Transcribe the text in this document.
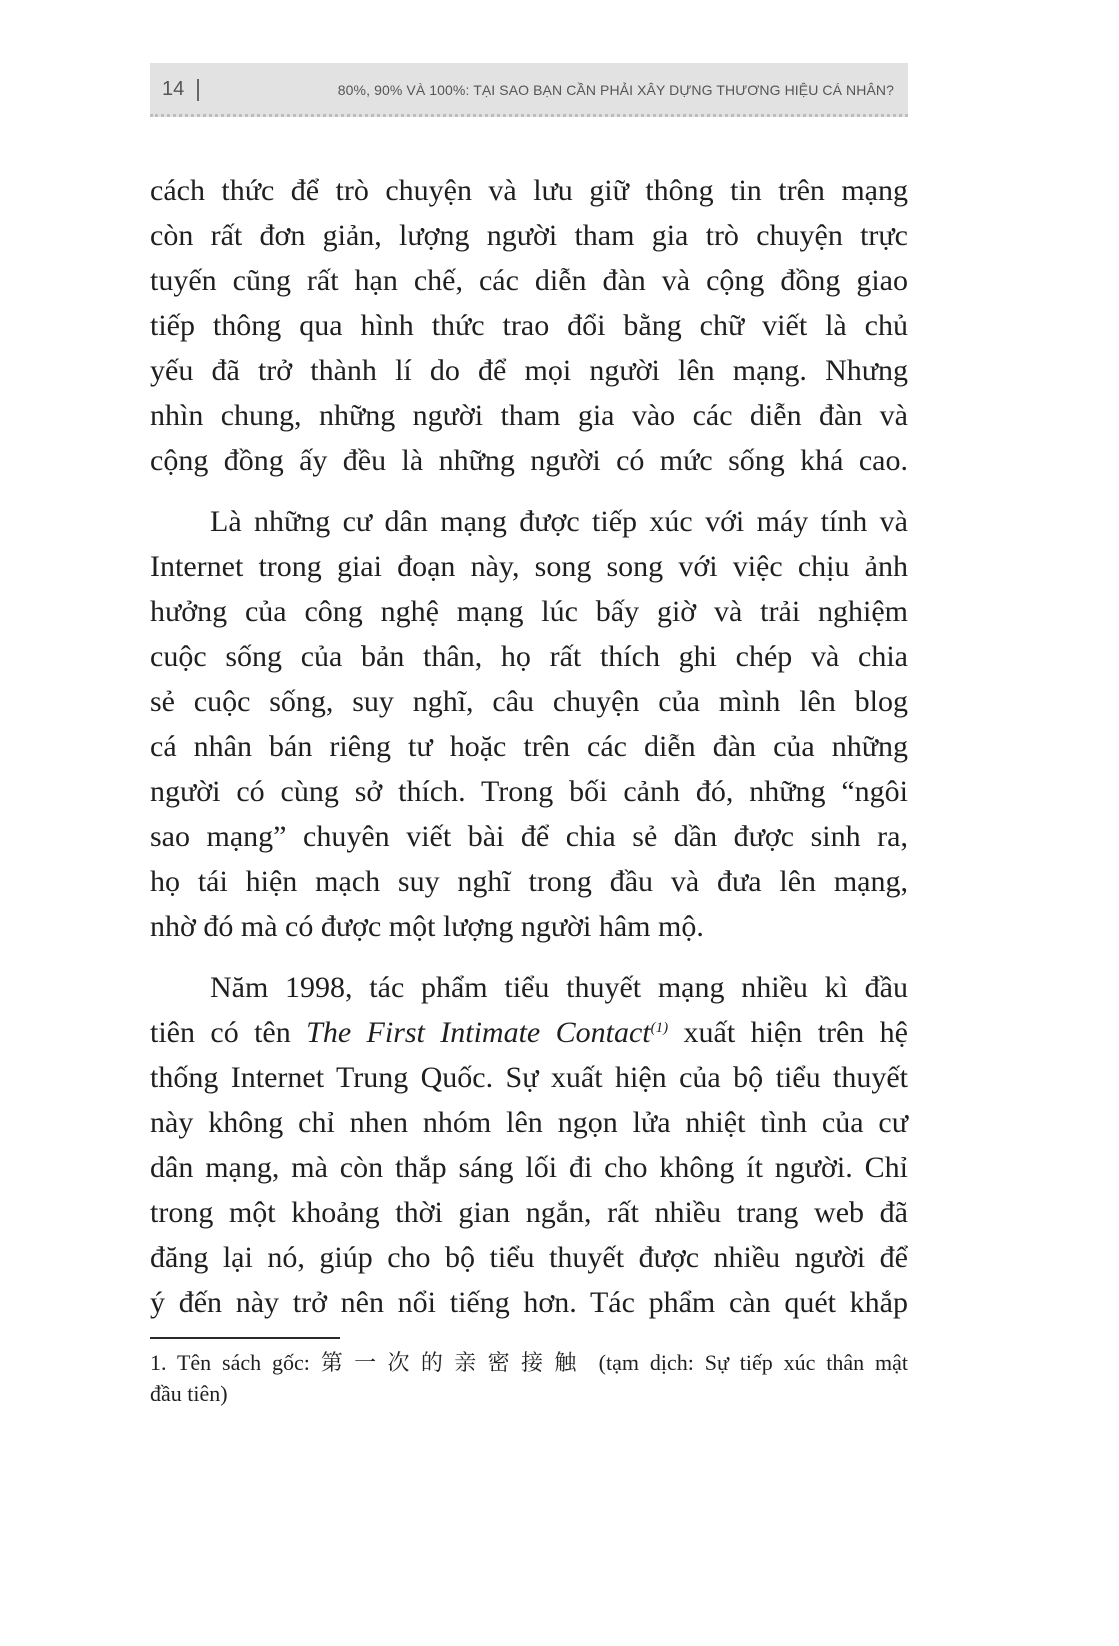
14	80%, 90% VÀ 100%: TẠI SAO BẠN CẦN PHẢI XÂY DỰNG THƯƠNG HIỆU CÁ NHÂN?
cách thức để trò chuyện và lưu giữ thông tin trên mạng
còn rất đơn giản, lượng người tham gia trò chuyện trực
tuyến cũng rất hạn chế, các diễn đàn và cộng đồng giao
tiếp thông qua hình thức trao đổi bằng chữ viết là chủ
yếu đã trở thành lí do để mọi người lên mạng. Nhưng
nhìn chung, những người tham gia vào các diễn đàn và
cộng đồng ấy đều là những người có mức sống khá cao.
Là những cư dân mạng được tiếp xúc với máy tính và
Internet trong giai đoạn này, song song với việc chịu ảnh
hưởng của công nghệ mạng lúc bấy giờ và trải nghiệm
cuộc sống của bản thân, họ rất thích ghi chép và chia
sẻ cuộc sống, suy nghĩ, câu chuyện của mình lên blog
cá nhân bán riêng tư hoặc trên các diễn đàn của những
người có cùng sở thích. Trong bối cảnh đó, những “ngôi
sao mạng” chuyên viết bài để chia sẻ dần được sinh ra,
họ tái hiện mạch suy nghĩ trong đầu và đưa lên mạng,
nhờ đó mà có được một lượng người hâm mộ.
Năm 1998, tác phẩm tiểu thuyết mạng nhiều kì đầu
tiên có tên The First Intimate Contact$^{(1)}$ xuất hiện trên hệ
thống Internet Trung Quốc. Sự xuất hiện của bộ tiểu thuyết
này không chỉ nhen nhóm lên ngọn lửa nhiệt tình của cư
dân mạng, mà còn thắp sáng lối đi cho không ít người. Chỉ
trong một khoảng thời gian ngắn, rất nhiều trang web đã
đăng lại nó, giúp cho bộ tiểu thuyết được nhiều người để
ý đến này trở nên nổi tiếng hơn. Tác phẩm càn quét khắp
1. Tên sách gốc: 第一次的亲密接触 (tạm dịch: Sự tiếp xúc thân mật
đầu tiên)
